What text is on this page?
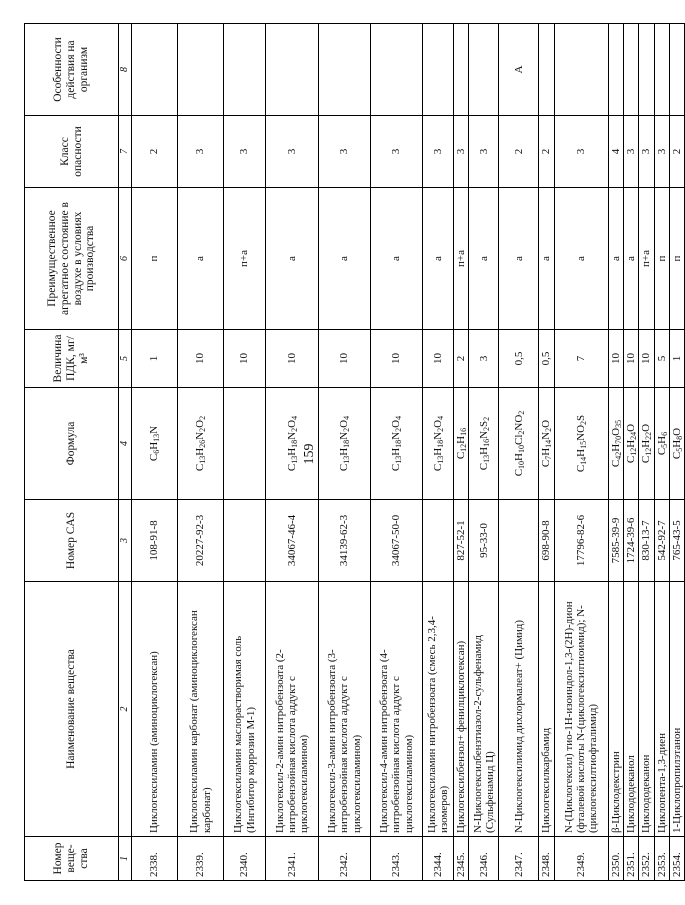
159
Номер веще-ства	Наименование вещества	Номер CAS	Формула	Величина ПДК, мг/м³	Преимущественное агрегатное состояние в воздухе в условиях производства	Класс опасности	Особенности действия на организм
1	2	3	4	5	6	7	8
2338.	Циклогексиламин (аминоциклогексан)	108-91-8	$C_6H_{13}N$	1	п	2	
2339.	Циклогексиламин карбонат (аминоциклогексан карбонат)	20227-92-3	$C_{13}H_{26}N_2O_2$	10	а	3	
2340.	Циклогексиламин маслорастворимая соль (Ингибитор коррозии М-1)			10	п+а	3	
2341.	Циклогексил-2-амин нитробензоата (2-нитробензойная кислота аддукт с циклогексиламином)	34067-46-4	$C_{13}H_{18}N_2O_4$	10	а	3	
2342.	Циклогексил-3-амин нитробензоата (3-нитробензойная кислота аддукт с циклогексиламином)	34139-62-3	$C_{13}H_{18}N_2O_4$	10	а	3	
2343.	Циклогексил-4-амин нитробензоата (4-нитробензойная кислота аддукт с циклогексиламином)	34067-50-0	$C_{13}H_{18}N_2O_4$	10	а	3	
2344.	Циклогексиламин нитробензоата (смесь 2,3,4-изомеров)		$C_{13}H_{18}N_2O_4$	10	а	3	
2345.	Циклогексилбензол+ фенилциклогексан)	827-52-1	$C_{12}H_{16}$	2	п+а	3	
2346.	N-Циклогексилбензтиазол-2-сульфенамид (Сульфенамид Ц)	95-33-0	$C_{13}H_{16}N_2S_2$	3	а	3	
2347.	N-Циклогексилимид дихлормалеат+ (Цимид)		$C_{10}H_{10}Cl_2NO_2$	0,5	а	2	А
2348.	Циклогексилкарбамид	698-90-8	$C_7H_{14}N_2O$	0,5	а	2	
2349.	N-(Циклогексил) тио-1Н-изоиндол-1,3-(2Н)-дион (фталевой кислоты N-(циклогексилтиоимид); N-(циклогексилтиофталимид)	17796-82-6	$C_{14}H_{15}NO_2S$	7	а	3	
2350.	β-Циклодекстрин	7585-39-9	$C_{42}H_{70}O_{35}$	10	а	4	
2351.	Циклододеканол	1724-39-6	$C_{12}H_{24}O$	10	а	3	
2352.	Циклододеканон	830-13-7	$C_{12}H_{22}O$	10	п+а	3	
2353.	Циклопента-1,3-диен	542-92-7	$C_5H_6$	5	п	3	
2354.	1-Циклопропилэтанон	765-43-5	$C_5H_8O$	1	п	2	
